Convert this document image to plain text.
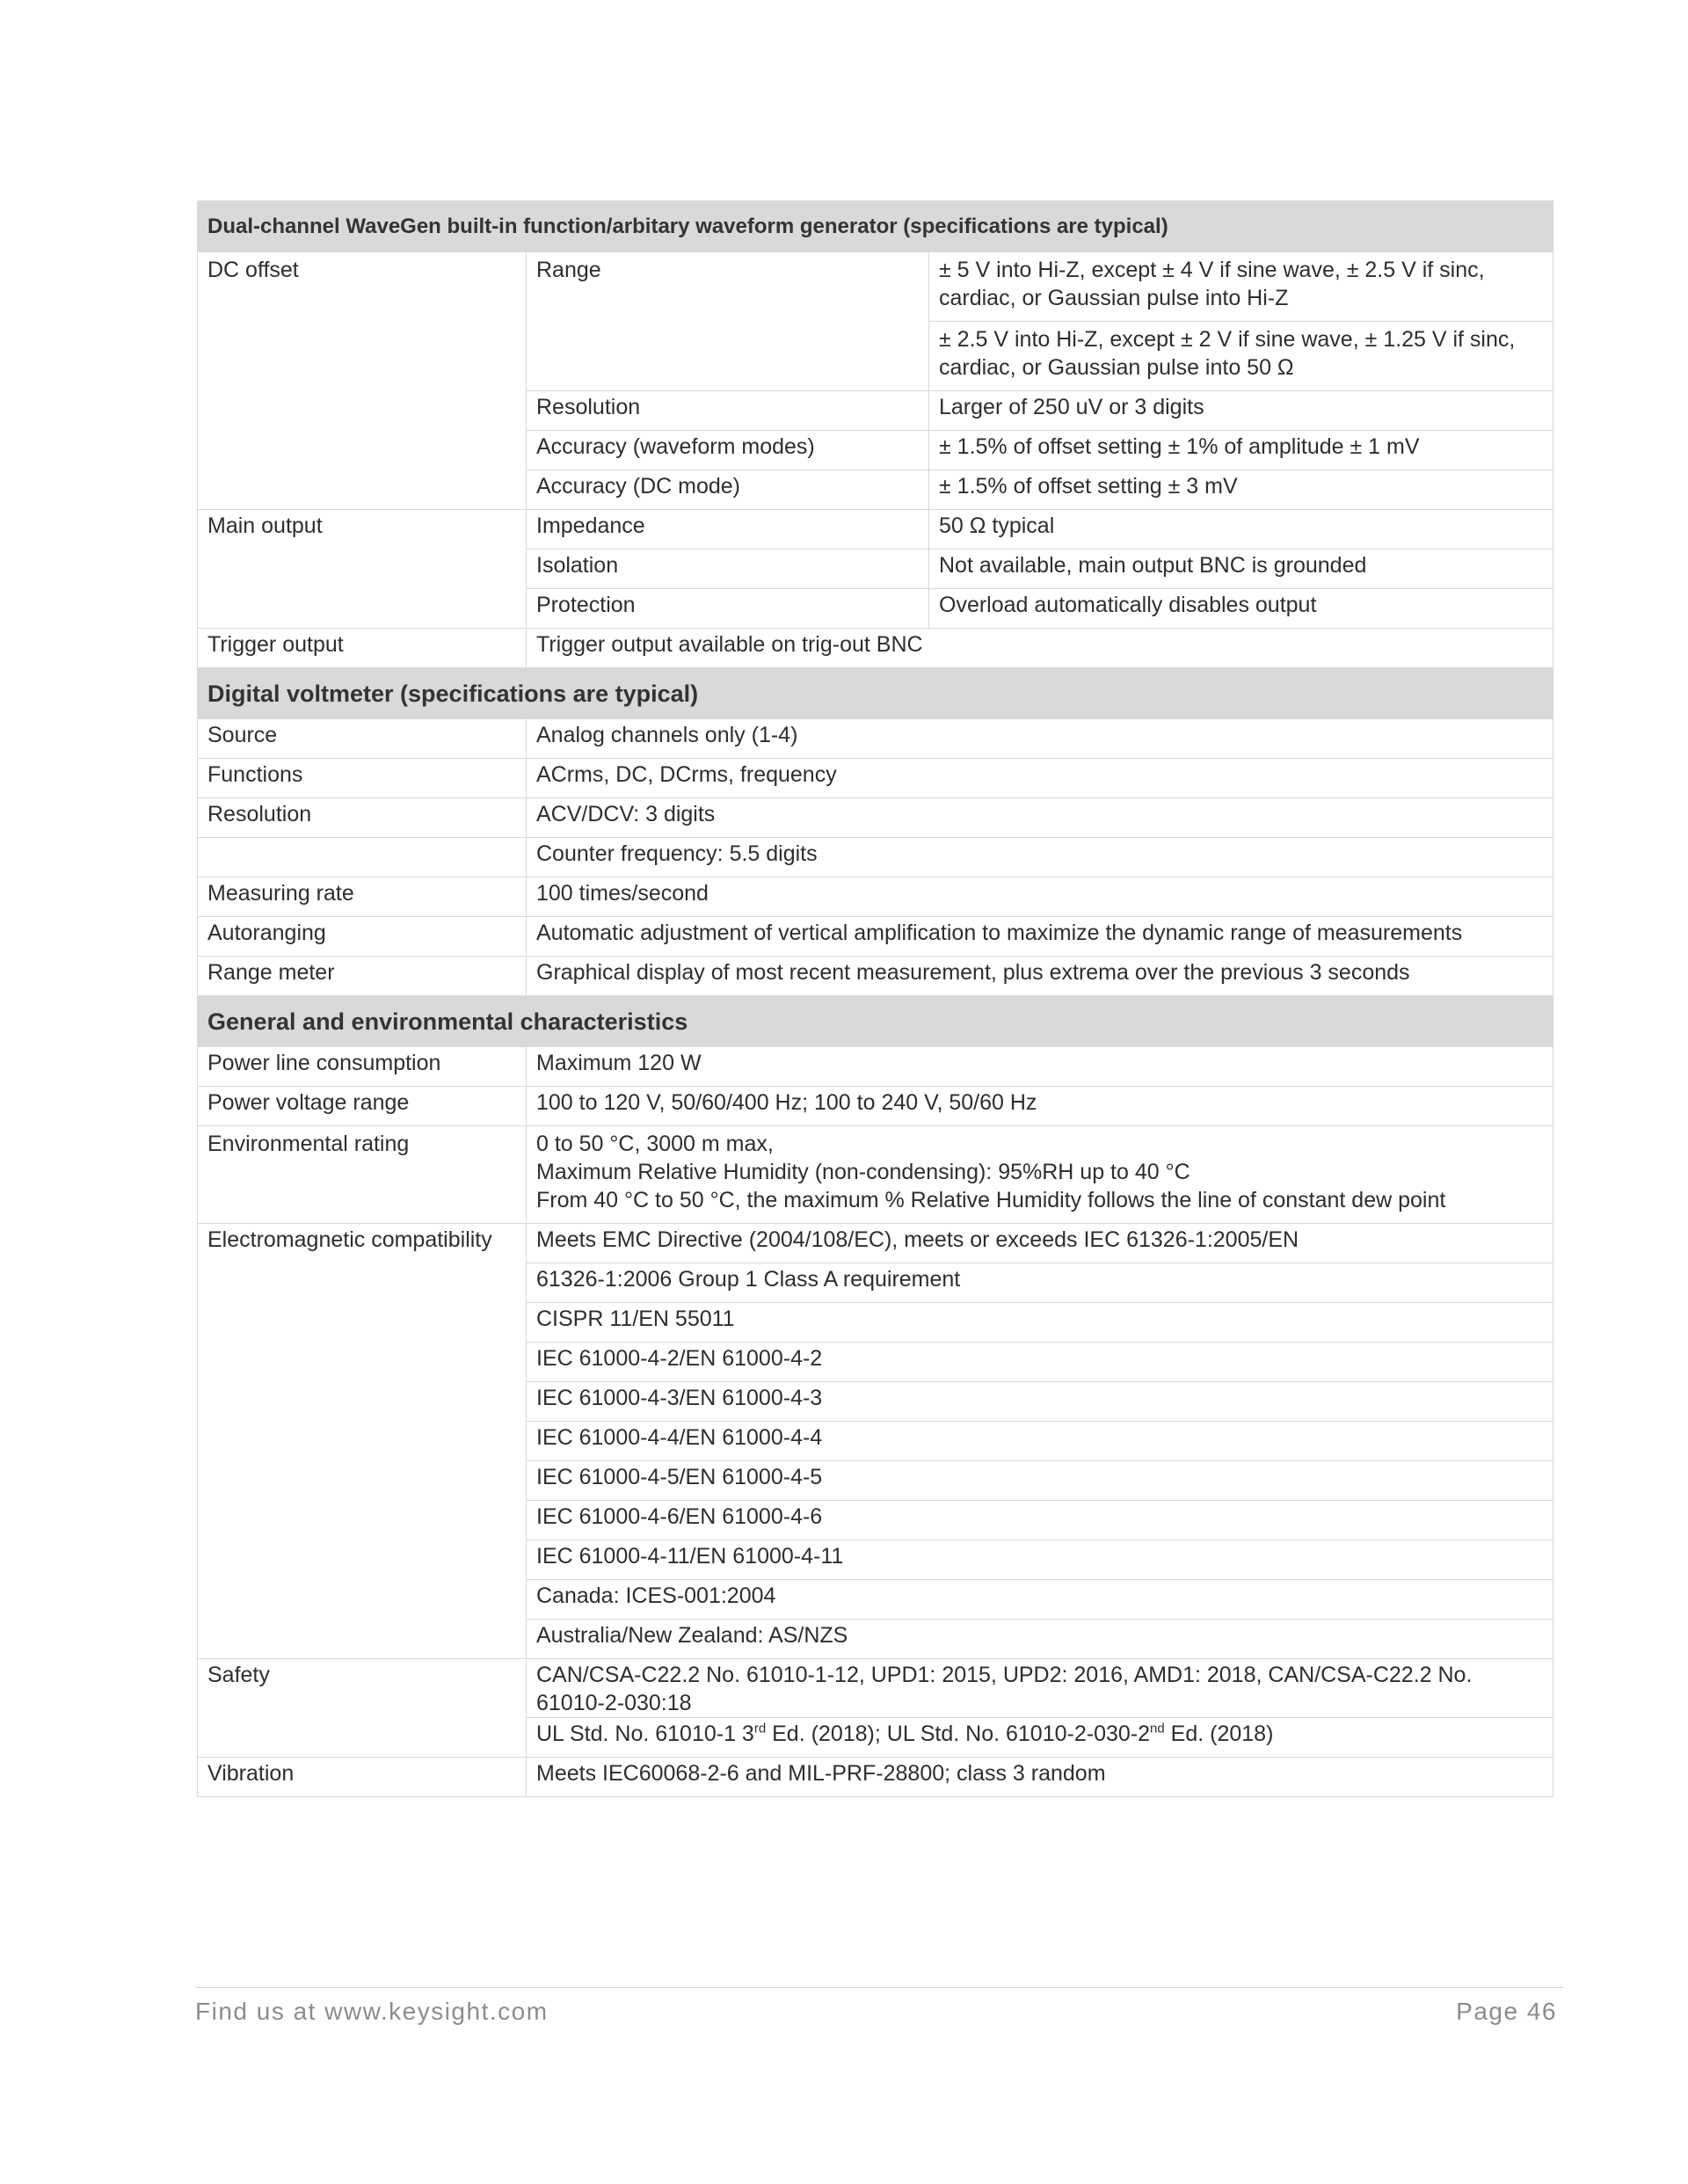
Dual-channel WaveGen built-in function/arbitary waveform generator (specifications are typical)		
DC offset	Range	± 5 V into Hi-Z, except ± 4 V if sine wave, ± 2.5 V if sinc, cardiac, or Gaussian pulse into Hi-Z
		± 2.5 V into Hi-Z, except ± 2 V if sine wave, ± 1.25 V if sinc, cardiac, or Gaussian pulse into 50 Ω
	Resolution	Larger of 250 uV or 3 digits
	Accuracy (waveform modes)	± 1.5% of offset setting ± 1% of amplitude ± 1 mV
	Accuracy (DC mode)	± 1.5% of offset setting ± 3 mV
Main output	Impedance	50 Ω typical
	Isolation	Not available, main output BNC is grounded
	Protection	Overload automatically disables output
Trigger output	Trigger output available on trig-out BNC	
Digital voltmeter (specifications are typical)		
Source	Analog channels only (1-4)	
Functions	ACrms, DC, DCrms, frequency	
Resolution	ACV/DCV: 3 digits	
	Counter frequency: 5.5 digits	
Measuring rate	100 times/second	
Autoranging	Automatic adjustment of vertical amplification to maximize the dynamic range of measurements	
Range meter	Graphical display of most recent measurement, plus extrema over the previous 3 seconds	
General and environmental characteristics		
Power line consumption	Maximum 120 W	
Power voltage range	100 to 120 V, 50/60/400 Hz; 100 to 240 V, 50/60 Hz	
Environmental rating	0 to 50 °C, 3000 m max,
Maximum Relative Humidity (non-condensing): 95%RH up to 40 °C
From 40 °C to 50 °C, the maximum % Relative Humidity follows the line of constant dew point	

Electromagnetic compatibility	Meets EMC Directive (2004/108/EC), meets or exceeds IEC 61326-1:2005/EN	
	61326-1:2006 Group 1 Class A requirement	
	CISPR 11/EN 55011	
	IEC 61000-4-2/EN 61000-4-2	
	IEC 61000-4-3/EN 61000-4-3	
	IEC 61000-4-4/EN 61000-4-4	
	IEC 61000-4-5/EN 61000-4-5	
	IEC 61000-4-6/EN 61000-4-6	
	IEC 61000-4-11/EN 61000-4-11	
	Canada: ICES-001:2004	
	Australia/New Zealand: AS/NZS	
Safety	CAN/CSA-C22.2 No. 61010-1-12, UPD1: 2015, UPD2: 2016, AMD1: 2018, CAN/CSA-C22.2 No. 61010-2-030:18	
	UL Std. No. 61010-1 3rd Ed. (2018); UL Std. No. 61010-2-030-2nd Ed. (2018)	
Vibration	Meets IEC60068-2-6 and MIL-PRF-28800; class 3 random	
Find us at www.keysight.com	Page 46
